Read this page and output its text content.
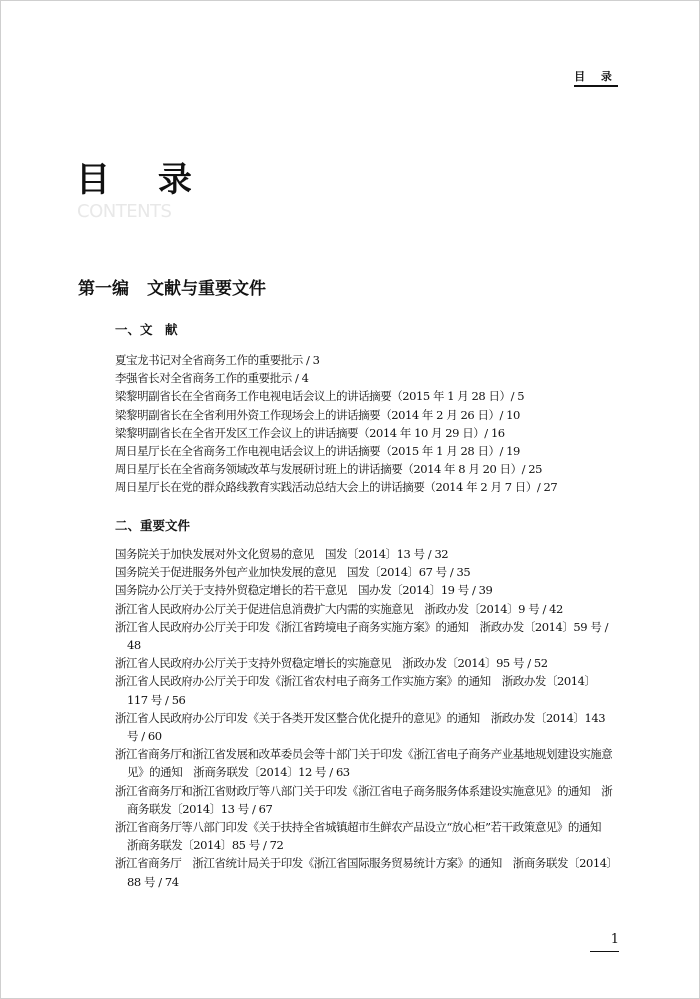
目 录
目 录
CONTENTS
第一编 文献与重要文件
一、文　献
夏宝龙书记对全省商务工作的重要批示 / 3
李强省长对全省商务工作的重要批示 / 4
梁黎明副省长在全省商务工作电视电话会议上的讲话摘要（2015 年 1 月 28 日）/ 5
梁黎明副省长在全省利用外资工作现场会上的讲话摘要（2014 年 2 月 26 日）/ 10
梁黎明副省长在全省开发区工作会议上的讲话摘要（2014 年 10 月 29 日）/ 16
周日星厅长在全省商务工作电视电话会议上的讲话摘要（2015 年 1 月 28 日）/ 19
周日星厅长在全省商务领域改革与发展研讨班上的讲话摘要（2014 年 8 月 20 日）/ 25
周日星厅长在党的群众路线教育实践活动总结大会上的讲话摘要（2014 年 2 月 7 日）/ 27
二、重要文件
国务院关于加快发展对外文化贸易的意见　国发〔2014〕13 号 / 32
国务院关于促进服务外包产业加快发展的意见　国发〔2014〕67 号 / 35
国务院办公厅关于支持外贸稳定增长的若干意见　国办发〔2014〕19 号 / 39
浙江省人民政府办公厅关于促进信息消费扩大内需的实施意见　浙政办发〔2014〕9 号 / 42
浙江省人民政府办公厅关于印发《浙江省跨境电子商务实施方案》的通知　浙政办发〔2014〕59 号 / 48
浙江省人民政府办公厅关于支持外贸稳定增长的实施意见　浙政办发〔2014〕95 号 / 52
浙江省人民政府办公厅关于印发《浙江省农村电子商务工作实施方案》的通知　浙政办发〔2014〕117 号 / 56
浙江省人民政府办公厅印发《关于各类开发区整合优化提升的意见》的通知　浙政办发〔2014〕143 号 / 60
浙江省商务厅和浙江省发展和改革委员会等十部门关于印发《浙江省电子商务产业基地规划建设实施意见》的通知　浙商务联发〔2014〕12 号 / 63
浙江省商务厅和浙江省财政厅等八部门关于印发《浙江省电子商务服务体系建设实施意见》的通知　浙商务联发〔2014〕13 号 / 67
浙江省商务厅等八部门印发《关于扶持全省城镇超市生鲜农产品设立“放心柜”若干政策意见》的通知　浙商务联发〔2014〕85 号 / 72
浙江省商务厅　浙江省统计局关于印发《浙江省国际服务贸易统计方案》的通知　浙商务联发〔2014〕88 号 / 74
1
